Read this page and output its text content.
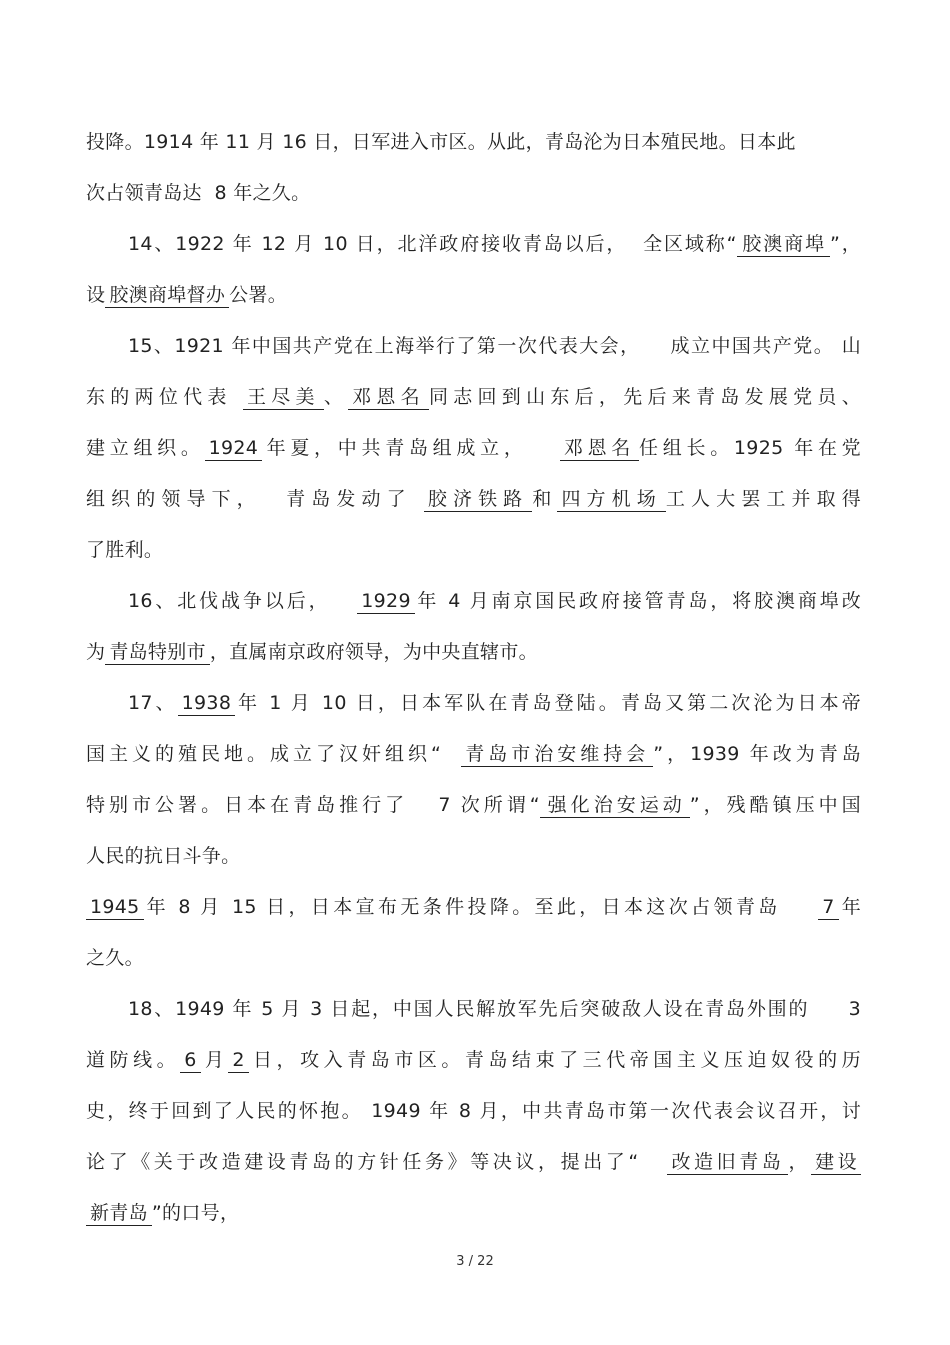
投降。1914 年 11 月 16 日，日军进入市区。从此，青岛沦为日本殖民地。日本此
次占领青岛达  8 年之久。
14、1922 年 12 月 10 日，北洋政府接收青岛以后，  全区域称“ 胶澳商埠 ”，
设 胶澳商埠督办 公署。
15、1921 年中国共产党在上海举行了第一次代表大会，    成立中国共产党。 山
东的两位代表 王尽美 、 邓恩名 同志回到山东后，先后来青岛发展党员、
建立组织。 1924 年夏，中共青岛组成立，   邓恩名 任组长。1925 年在党
组织的领导下，  青岛发动了 胶济铁路 和 四方机场 工人大罢工并取得
了胜利。
16、北伐战争以后，   1929 年 4 月南京国民政府接管青岛，将胶澳商埠改
为 青岛特别市 ，直属南京政府领导，为中央直辖市。
17、 1938 年 1 月 10 日，日本军队在青岛登陆。青岛又第二次沦为日本帝
国主义的殖民地。成立了汉奸组织“  青岛市治安维持会 ”，1939 年改为青岛
特别市公署。日本在青岛推行了   7 次所谓“ 强化治安运动 ”，残酷镇压中国
人民的抗日斗争。
1945 年 8 月 15 日，日本宣布无条件投降。至此，日本这次占领青岛    7 年
之久。
18、1949 年 5 月 3 日起，中国人民解放军先后突破敌人设在青岛外围的     3
道防线。 6 月 2 日，攻入青岛市区。青岛结束了三代帝国主义压迫奴役的历
史，终于回到了人民的怀抱。 1949 年 8 月，中共青岛市第一次代表会议召开，讨
论了《关于改造建设青岛的方针任务》等决议，提出了“   改造旧青岛 ， 建设
新青岛 ”的口号，
3 / 22
